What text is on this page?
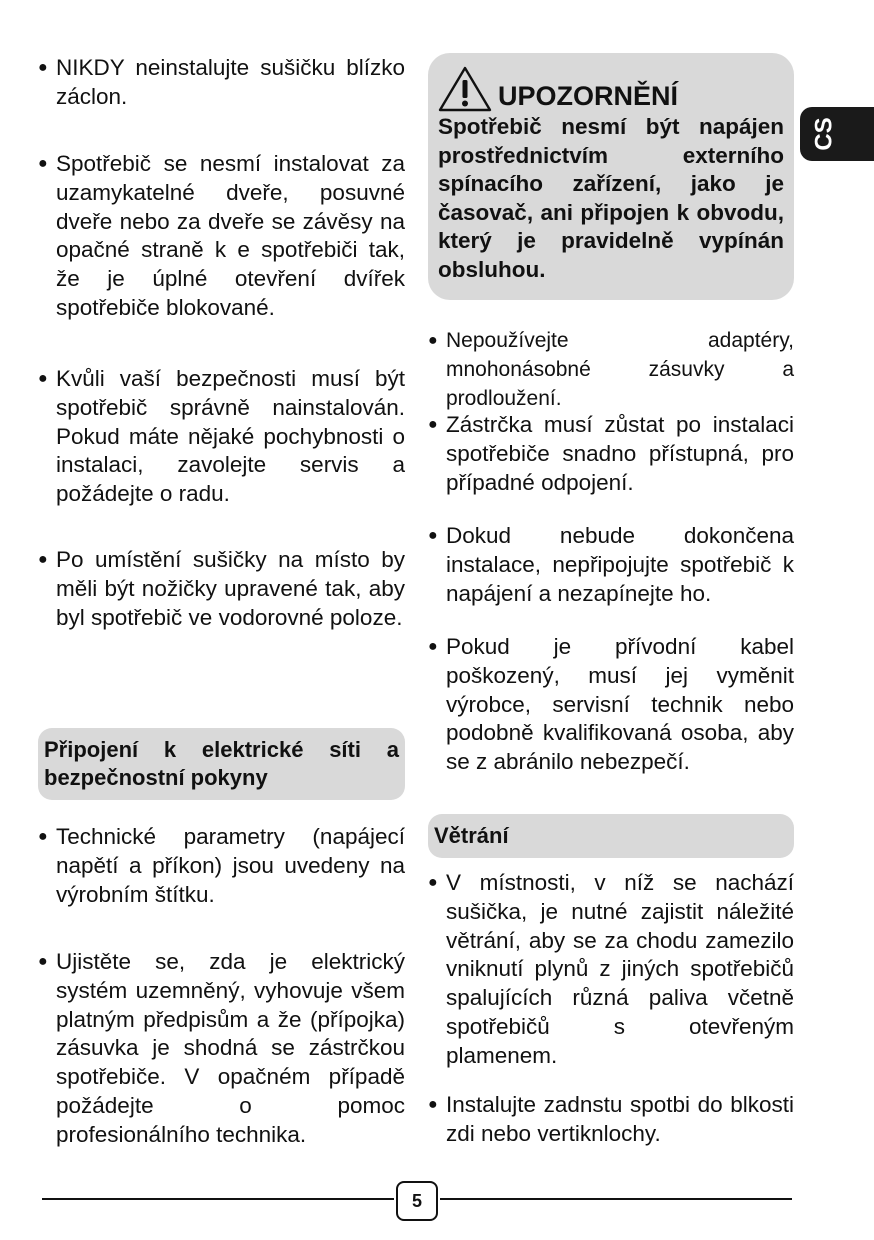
● NIKDY neinstalujte sušičku blízko záclon.
● Spotřebič se nesmí instalovat za uzamykatelné dveře, posuvné dveře nebo za dveře se závěsy na opačné straně k e spotřebiči tak, že je úplné otevření dvířek spotřebiče blokované.
● Kvůli vaší bezpečnosti musí být spotřebič správně nainstalován. Pokud máte nějaké pochybnosti o instalaci, zavolejte servis a požádejte o radu.
● Po umístění sušičky na místo by měli být nožičky upravené tak, aby byl spotřebič ve vodorovné poloze.
Připojení k elektrické síti a bezpečnostní pokyny
● Technické parametry (napájecí napětí a příkon) jsou uvedeny na výrobním štítku.
● Ujistěte se, zda je elektrický systém uzemněný, vyhovuje všem platným předpisům a že (přípojka) zásuvka je shodná se zástrčkou spotřebiče. V opačném případě požádejte o pomoc profesionálního technika.
UPOZORNĚNÍ
Spotřebič nesmí být napájen prostřednictvím externího spínacího zařízení, jako je časovač, ani připojen k obvodu, který je pravidelně vypínán obsluhou.
● Nepoužívejte adaptéry, mnohonásobné zásuvky a prodloužení.
● Zástrčka musí zůstat po instalaci spotřebiče snadno přístupná, pro případné odpojení.
● Dokud nebude dokončena instalace, nepřipojujte spotřebič k napájení a nezapínejte ho.
● Pokud je přívodní kabel poškozený, musí jej vyměnit výrobce, servisní technik nebo podobně kvalifikovaná osoba, aby se z abránilo nebezpečí.
Větrání
● V místnosti, v níž se nachází sušička, je nutné zajistit náležité větrání, aby se za chodu zamezilo vniknutí plynů z jiných spotřebičů spalujících různá paliva včetně spotřebičů s otevřeným plamenem.
● Instalujte zadnstu spotbi do blkosti zdi nebo vertiknlochy.
CS
5
